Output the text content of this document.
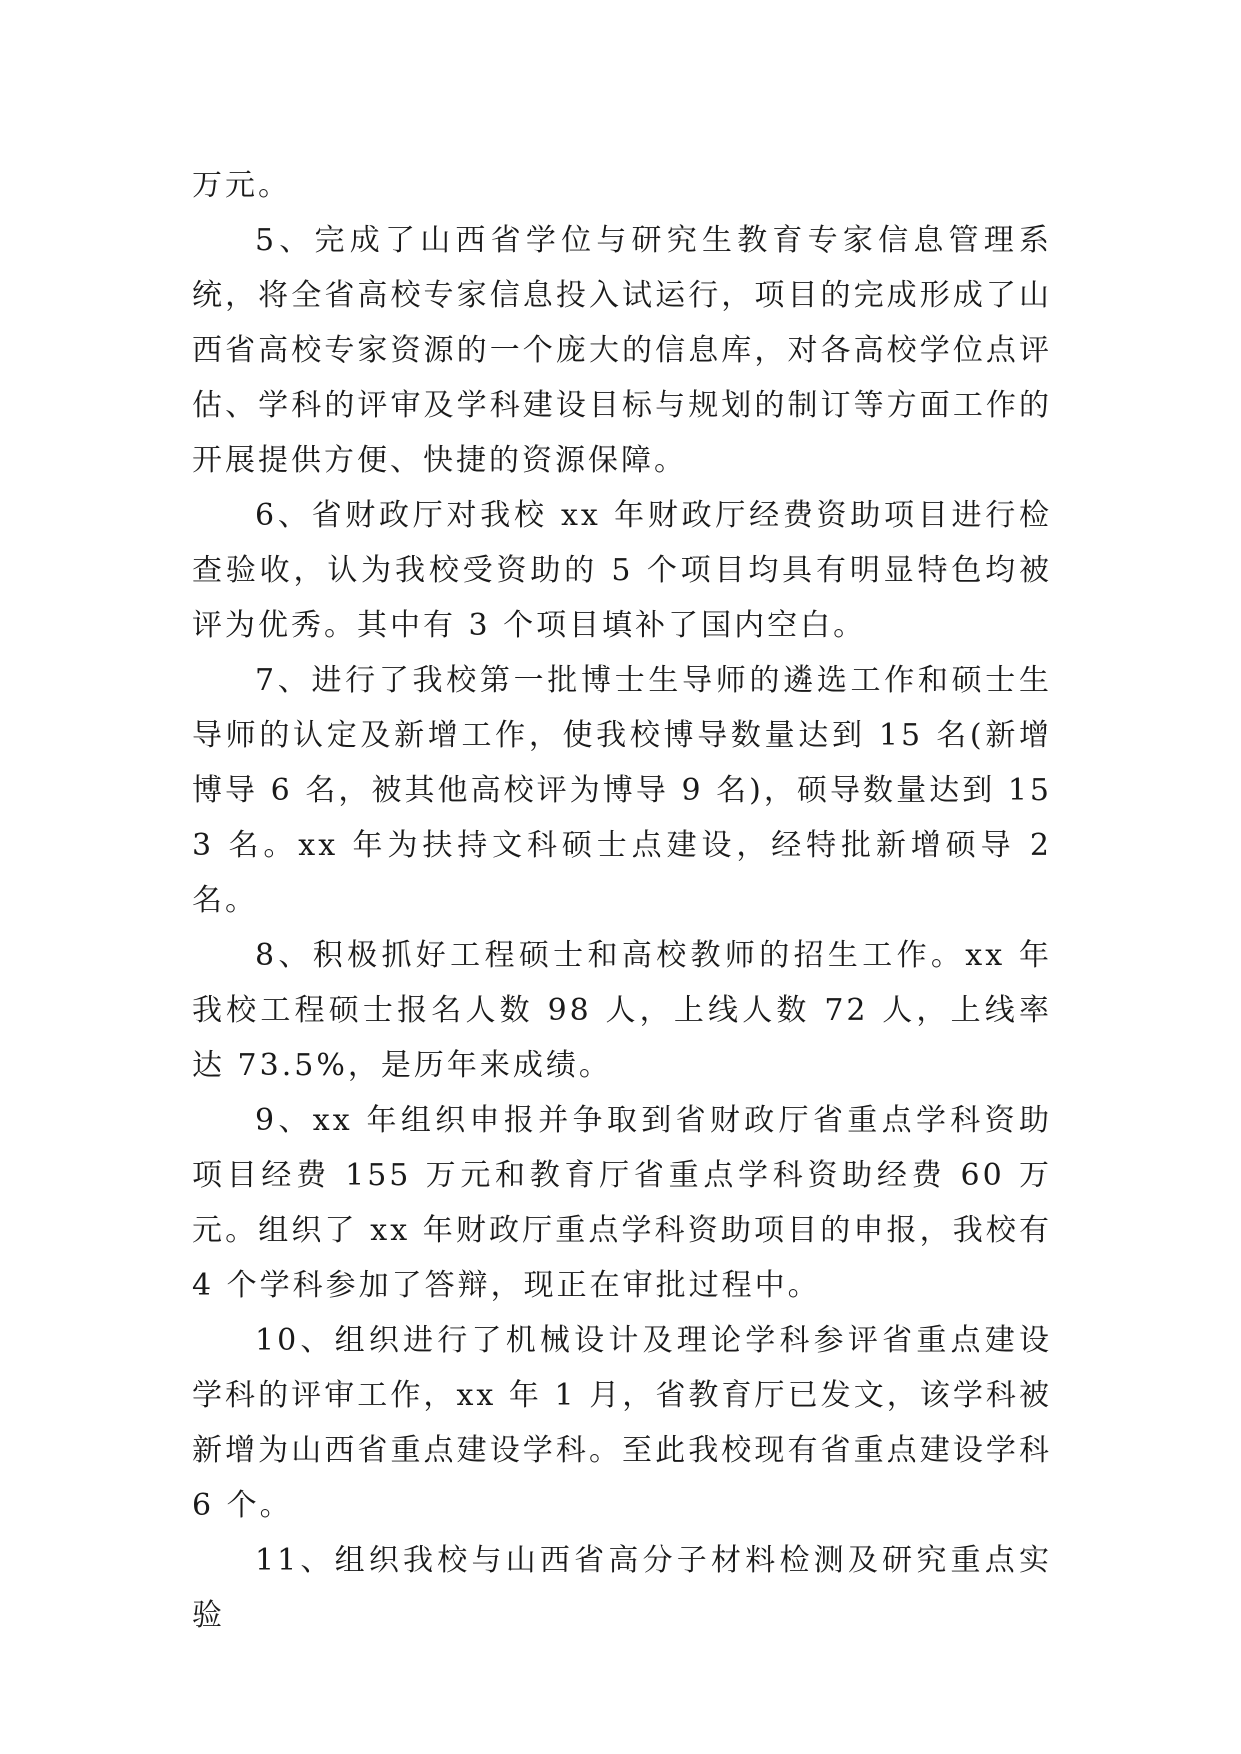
万元。

5、完成了山西省学位与研究生教育专家信息管理系统，将全省高校专家信息投入试运行，项目的完成形成了山西省高校专家资源的一个庞大的信息库，对各高校学位点评估、学科的评审及学科建设目标与规划的制订等方面工作的开展提供方便、快捷的资源保障。

6、省财政厅对我校 xx 年财政厅经费资助项目进行检查验收，认为我校受资助的 5 个项目均具有明显特色均被评为优秀。其中有 3 个项目填补了国内空白。

7、进行了我校第一批博士生导师的遴选工作和硕士生导师的认定及新增工作，使我校博导数量达到 15 名(新增博导 6 名，被其他高校评为博导 9 名)，硕导数量达到 153 名。xx 年为扶持文科硕士点建设，经特批新增硕导 2 名。

8、积极抓好工程硕士和高校教师的招生工作。xx 年我校工程硕士报名人数 98 人，上线人数 72 人，上线率达 73.5%，是历年来成绩。

9、xx 年组织申报并争取到省财政厅省重点学科资助项目经费 155 万元和教育厅省重点学科资助经费 60 万元。组织了 xx 年财政厅重点学科资助项目的申报，我校有 4 个学科参加了答辩，现正在审批过程中。

10、组织进行了机械设计及理论学科参评省重点建设学科的评审工作，xx 年 1 月，省教育厅已发文，该学科被新增为山西省重点建设学科。至此我校现有省重点建设学科 6 个。

11、组织我校与山西省高分子材料检测及研究重点实验
